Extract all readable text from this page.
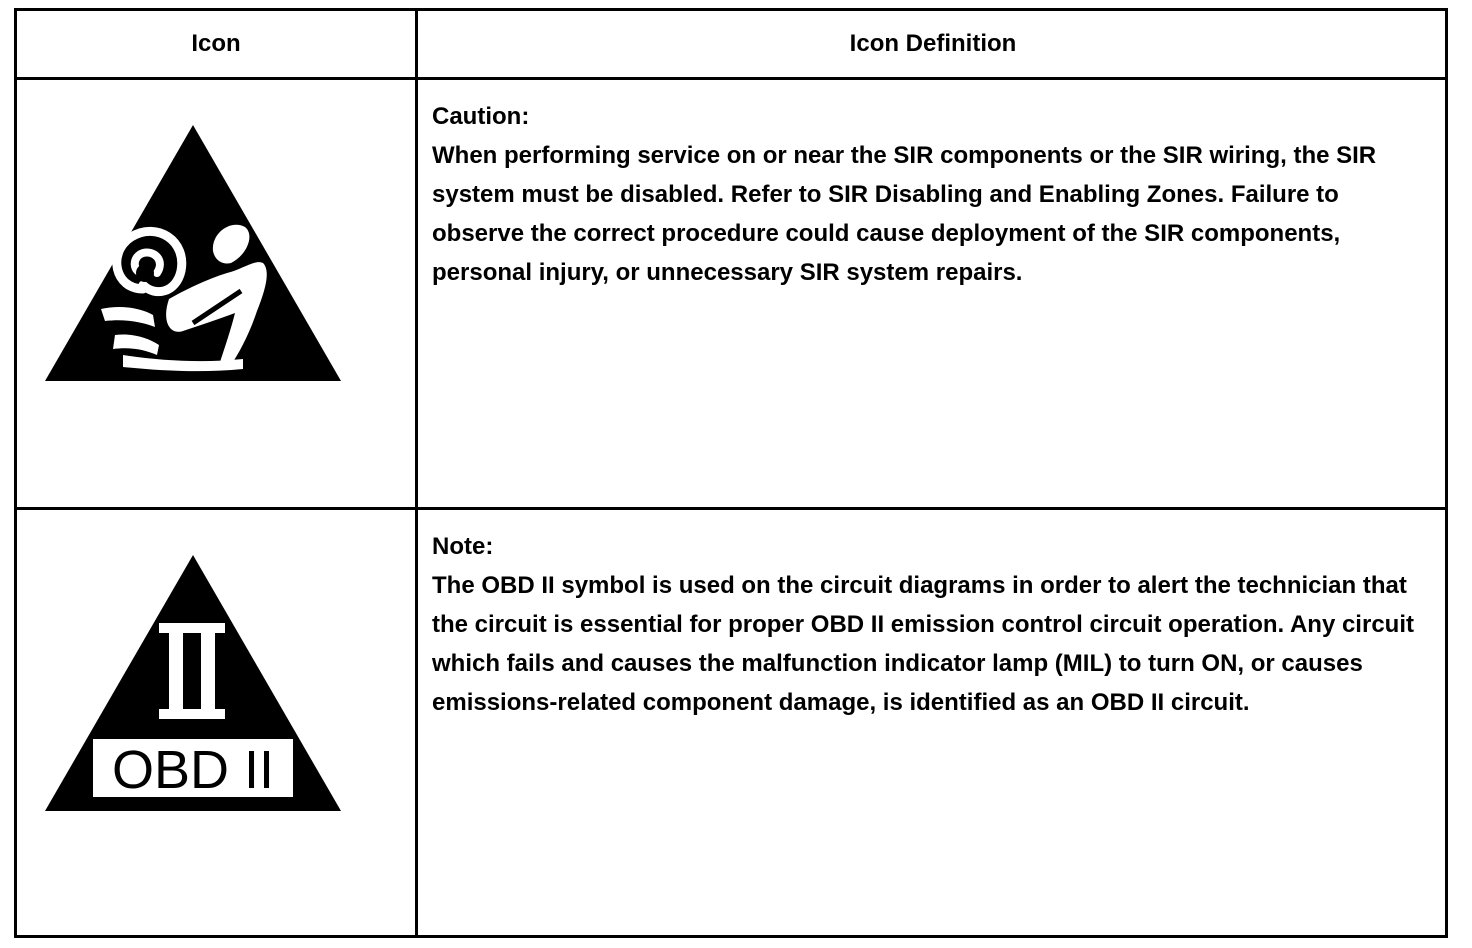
Icon	Icon Definition
Caution:
When performing service on or near the SIR components or the SIR wiring, the SIR system must be disabled. Refer to SIR Disabling and Enabling Zones. Failure to observe the correct procedure could cause deployment of the SIR components, personal injury, or unnecessary SIR system repairs.
OBD II
Note:
The OBD II symbol is used on the circuit diagrams in order to alert the technician that the circuit is essential for proper OBD II emission control circuit operation. Any circuit which fails and causes the malfunction indicator lamp (MIL) to turn ON, or causes emissions-related component damage, is identified as an OBD II circuit.
